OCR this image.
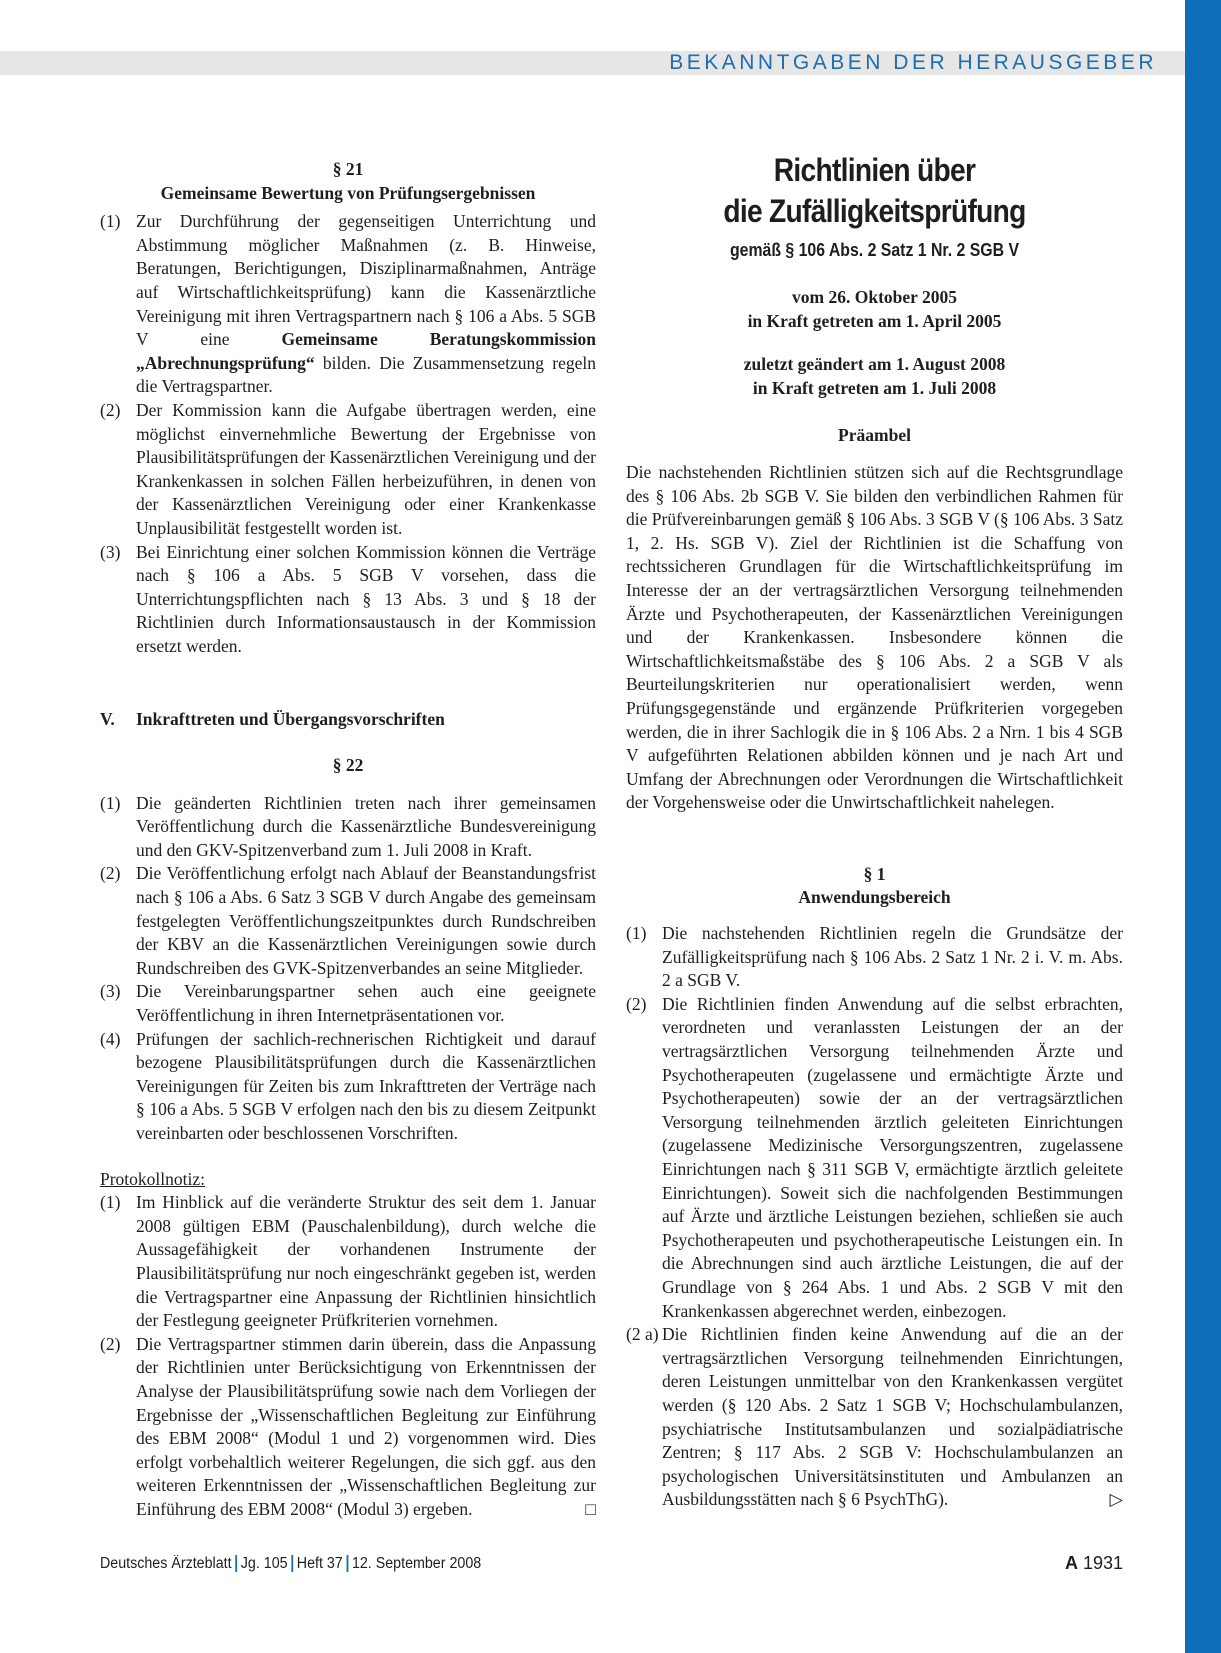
BEKANNTGABEN DER HERAUSGEBER

§ 21

Gemeinsame Bewertung von Prüfungsergebnissen

(1) Zur Durchführung der gegenseitigen Unterrichtung und Abstimmung möglicher Maßnahmen (z. B. Hinweise, Beratungen, Berichtigungen, Disziplinarmaßnahmen, Anträge auf Wirtschaftlichkeitsprüfung) kann die Kassenärztliche Vereinigung mit ihren Vertragspartnern nach § 106 a Abs. 5 SGB V eine Gemeinsame Beratungskommission „Abrechnungsprüfung“ bilden. Die Zusammensetzung regeln die Vertragspartner.
(2) Der Kommission kann die Aufgabe übertragen werden, eine möglichst einvernehmliche Bewertung der Ergebnisse von Plausibilitätsprüfungen der Kassenärztlichen Vereinigung und der Krankenkassen in solchen Fällen herbeizuführen, in denen von der Kassenärztlichen Vereinigung oder einer Krankenkasse Unplausibilität festgestellt worden ist.
(3) Bei Einrichtung einer solchen Kommission können die Verträge nach § 106 a Abs. 5 SGB V vorsehen, dass die Unterrichtungspflichten nach § 13 Abs. 3 und § 18 der Richtlinien durch Informationsaustausch in der Kommission ersetzt werden.
V.	Inkrafttreten und Übergangsvorschriften

§ 22

(1) Die geänderten Richtlinien treten nach ihrer gemeinsamen Veröffentlichung durch die Kassenärztliche Bundesvereinigung und den GKV-Spitzenverband zum 1. Juli 2008 in Kraft.
(2) Die Veröffentlichung erfolgt nach Ablauf der Beanstandungsfrist nach § 106 a Abs. 6 Satz 3 SGB V durch Angabe des gemeinsam festgelegten Veröffentlichungszeitpunktes durch Rundschreiben der KBV an die Kassenärztlichen Vereinigungen sowie durch Rundschreiben des GVK-Spitzenverbandes an seine Mitglieder.
(3) Die Vereinbarungspartner sehen auch eine geeignete Veröffentlichung in ihren Internetpräsentationen vor.
(4) Prüfungen der sachlich-rechnerischen Richtigkeit und darauf bezogene Plausibilitätsprüfungen durch die Kassenärztlichen Vereinigungen für Zeiten bis zum Inkrafttreten der Verträge nach § 106 a Abs. 5 SGB V erfolgen nach den bis zu diesem Zeitpunkt vereinbarten oder beschlossenen Vorschriften.

Protokollnotiz:

(1) Im Hinblick auf die veränderte Struktur des seit dem 1. Januar 2008 gültigen EBM (Pauschalenbildung), durch welche die Aussagefähigkeit der vorhandenen Instrumente der Plausibilitätsprüfung nur noch eingeschränkt gegeben ist, werden die Vertragspartner eine Anpassung der Richtlinien hinsichtlich der Festlegung geeigneter Prüfkriterien vornehmen.
(2) Die Vertragspartner stimmen darin überein, dass die Anpassung der Richtlinien unter Berücksichtigung von Erkenntnissen der Analyse der Plausibilitätsprüfung sowie nach dem Vorliegen der Ergebnisse der „Wissenschaftlichen Begleitung zur Einführung des EBM 2008“ (Modul 1 und 2) vorgenommen wird. Dies erfolgt vorbehaltlich weiterer Regelungen, die sich ggf. aus den weiteren Erkenntnissen der „Wissenschaftlichen Begleitung zur Einführung des EBM 2008“ (Modul 3) ergeben.	□

Richtlinien über

die Zufälligkeitsprüfung

gemäß § 106 Abs. 2 Satz 1 Nr. 2 SGB V

vom 26. Oktober 2005

in Kraft getreten am 1. April 2005

zuletzt geändert am 1. August 2008

in Kraft getreten am 1. Juli 2008

Präambel

Die nachstehenden Richtlinien stützen sich auf die Rechtsgrundlage des § 106 Abs. 2b SGB V. Sie bilden den verbindlichen Rahmen für die Prüfvereinbarungen gemäß § 106 Abs. 3 SGB V (§ 106 Abs. 3 Satz 1, 2. Hs. SGB V). Ziel der Richtlinien ist die Schaffung von rechtssicheren Grundlagen für die Wirtschaftlichkeitsprüfung im Interesse der an der vertragsärztlichen Versorgung teilnehmenden Ärzte und Psychotherapeuten, der Kassenärztlichen Vereinigungen und der Krankenkassen. Insbesondere können die Wirtschaftlichkeitsmaßstäbe des § 106 Abs. 2 a SGB V als Beurteilungskriterien nur operationalisiert werden, wenn Prüfungsgegenstände und ergänzende Prüfkriterien vorgegeben werden, die in ihrer Sachlogik die in § 106 Abs. 2 a Nrn. 1 bis 4 SGB V aufgeführten Relationen abbilden können und je nach Art und Umfang der Abrechnungen oder Verordnungen die Wirtschaftlichkeit der Vorgehensweise oder die Unwirtschaftlichkeit nahelegen.

§ 1

Anwendungsbereich

(1) Die nachstehenden Richtlinien regeln die Grundsätze der Zufälligkeitsprüfung nach § 106 Abs. 2 Satz 1 Nr. 2 i. V. m. Abs. 2 a SGB V.
(2) Die Richtlinien finden Anwendung auf die selbst erbrachten, verordneten und veranlassten Leistungen der an der vertragsärztlichen Versorgung teilnehmenden Ärzte und Psychotherapeuten (zugelassene und ermächtigte Ärzte und Psychotherapeuten) sowie der an der vertragsärztlichen Versorgung teilnehmenden ärztlich geleiteten Einrichtungen (zugelassene Medizinische Versorgungszentren, zugelassene Einrichtungen nach § 311 SGB V, ermächtigte ärztlich geleitete Einrichtungen). Soweit sich die nachfolgenden Bestimmungen auf Ärzte und ärztliche Leistungen beziehen, schließen sie auch Psychotherapeuten und psychotherapeutische Leistungen ein. In die Abrechnungen sind auch ärztliche Leistungen, die auf der Grundlage von § 264 Abs. 1 und Abs. 2 SGB V mit den Krankenkassen abgerechnet werden, einbezogen.
(2 a) Die Richtlinien finden keine Anwendung auf die an der vertragsärztlichen Versorgung teilnehmenden Einrichtungen, deren Leistungen unmittelbar von den Krankenkassen vergütet werden (§ 120 Abs. 2 Satz 1 SGB V; Hochschulambulanzen, psychiatrische Institutsambulanzen und sozialpädiatrische Zentren; § 117 Abs. 2 SGB V: Hochschulambulanzen an psychologischen Universitätsinstituten und Ambulanzen an Ausbildungsstätten nach § 6 PsychThG).	▷
Deutsches Ärzteblatt Jg. 105 Heft 37 12. September 2008	A 1931
